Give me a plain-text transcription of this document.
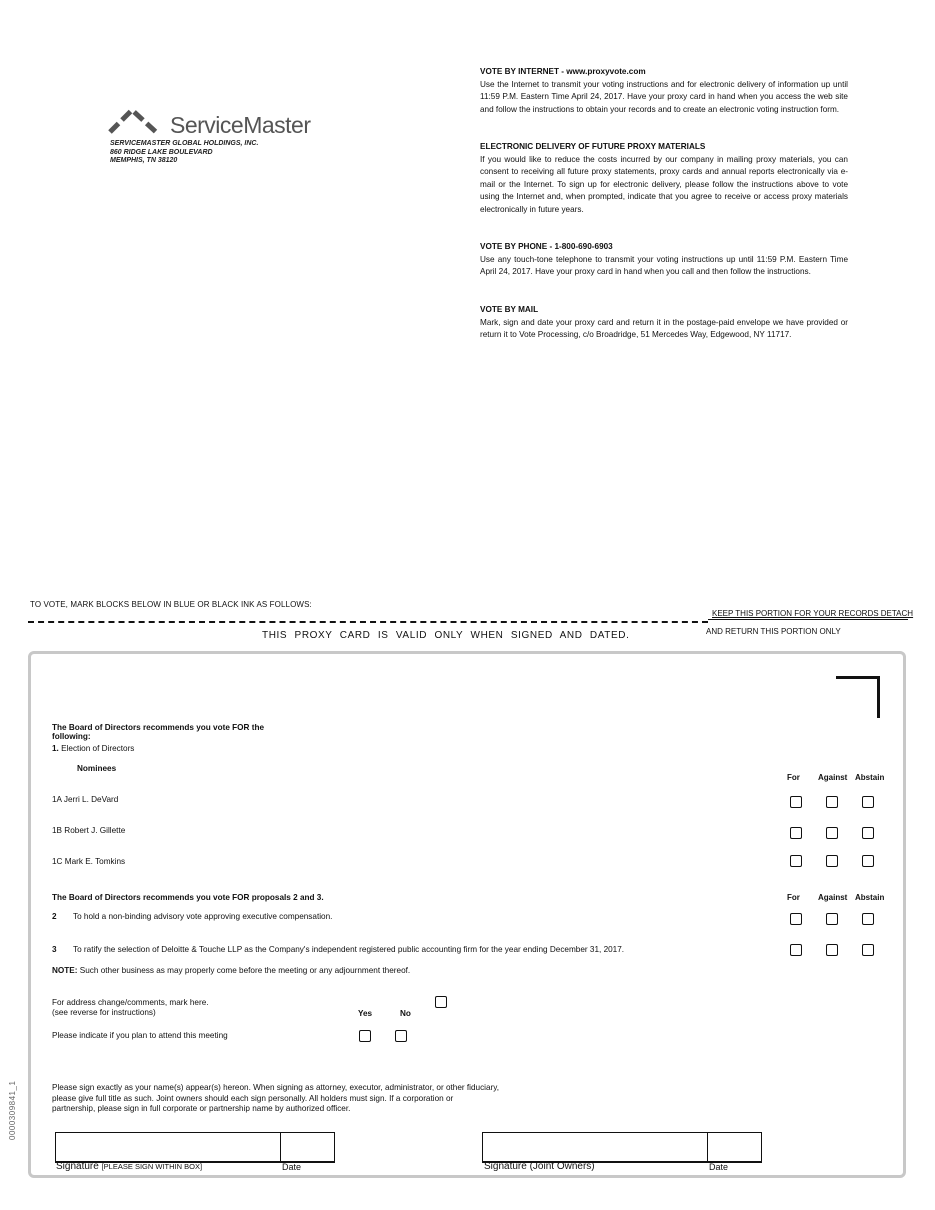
ServiceMaster
SERVICEMASTER GLOBAL HOLDINGS, INC.
860 RIDGE LAKE BOULEVARD
MEMPHIS, TN 38120
VOTE BY INTERNET - www.proxyvote.com

Use the Internet to transmit your voting instructions and for electronic delivery of information up until 11:59 P.M. Eastern Time April 24, 2017. Have your proxy card in hand when you access the web site and follow the instructions to obtain your records and to create an electronic voting instruction form.

ELECTRONIC DELIVERY OF FUTURE PROXY MATERIALS

If you would like to reduce the costs incurred by our company in mailing proxy materials, you can consent to receiving all future proxy statements, proxy cards and annual reports electronically via e-mail or the Internet. To sign up for electronic delivery, please follow the instructions above to vote using the Internet and, when prompted, indicate that you agree to receive or access proxy materials electronically in future years.

VOTE BY PHONE - 1-800-690-6903

Use any touch-tone telephone to transmit your voting instructions up until 11:59 P.M. Eastern Time April 24, 2017. Have your proxy card in hand when you call and then follow the instructions.

VOTE BY MAIL

Mark, sign and date your proxy card and return it in the postage-paid envelope we have provided or return it to Vote Processing, c/o Broadridge, 51 Mercedes Way, Edgewood, NY 11717.

TO VOTE, MARK BLOCKS BELOW IN BLUE OR BLACK INK AS FOLLOWS:
KEEP THIS PORTION FOR YOUR RECORDS DETACH
AND RETURN THIS PORTION ONLY
THIS PROXY CARD IS VALID ONLY WHEN SIGNED AND DATED.
The Board of Directors recommends you vote FOR the following:
1. Election of Directors
Nominees
For Against Abstain
1A Jerri L. DeVard
1B Robert J. Gillette
1C Mark E. Tomkins
The Board of Directors recommends you vote FOR proposals 2 and 3.	For Against Abstain
2 To hold a non-binding advisory vote approving executive compensation.
3 To ratify the selection of Deloitte & Touche LLP as the Company's independent registered public accounting firm for the year ending December 31, 2017.
NOTE: Such other business as may properly come before the meeting or any adjournment thereof.
For address change/comments, mark here.
(see reverse for instructions)	Yes	No
Please indicate if you plan to attend this meeting
Please sign exactly as your name(s) appear(s) hereon. When signing as attorney, executor, administrator, or other fiduciary,
please give full title as such. Joint owners should each sign personally. All holders must sign. If a corporation or
partnership, please sign in full corporate or partnership name by authorized officer.
Signature [PLEASE SIGN WITHIN BOX]	Date	Signature (Joint Owners)	Date
0000309841_1
